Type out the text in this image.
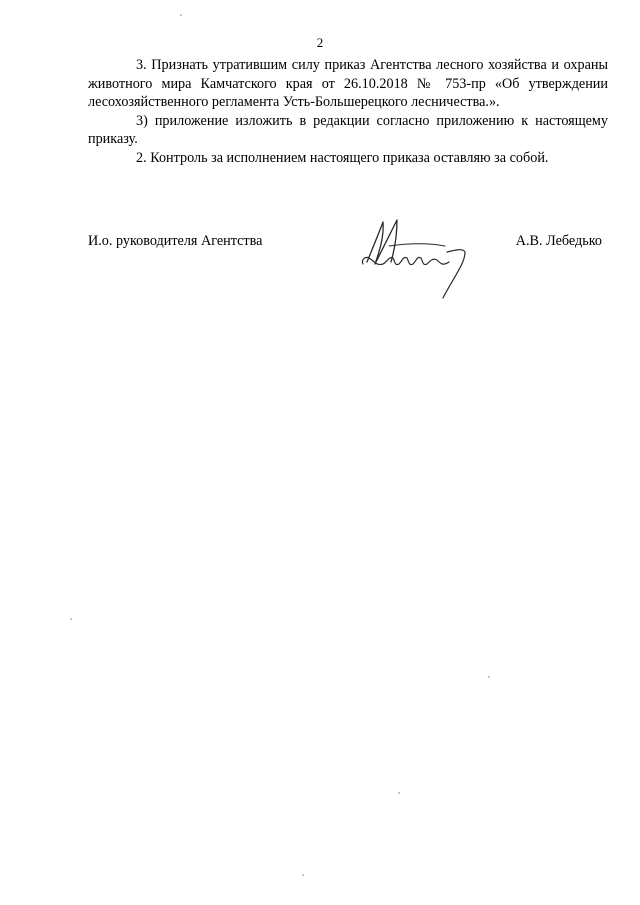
2

3. Признать утратившим силу приказ Агентства лесного хозяйства и охраны животного мира Камчатского края от 26.10.2018 № 753-пр «Об утверждении лесохозяйственного регламента Усть-Большерецкого лесничества.».

3) приложение изложить в редакции согласно приложению к настоящему приказу.

2. Контроль за исполнением настоящего приказа оставляю за собой.

И.о. руководителя Агентства	А.В. Лебедько
